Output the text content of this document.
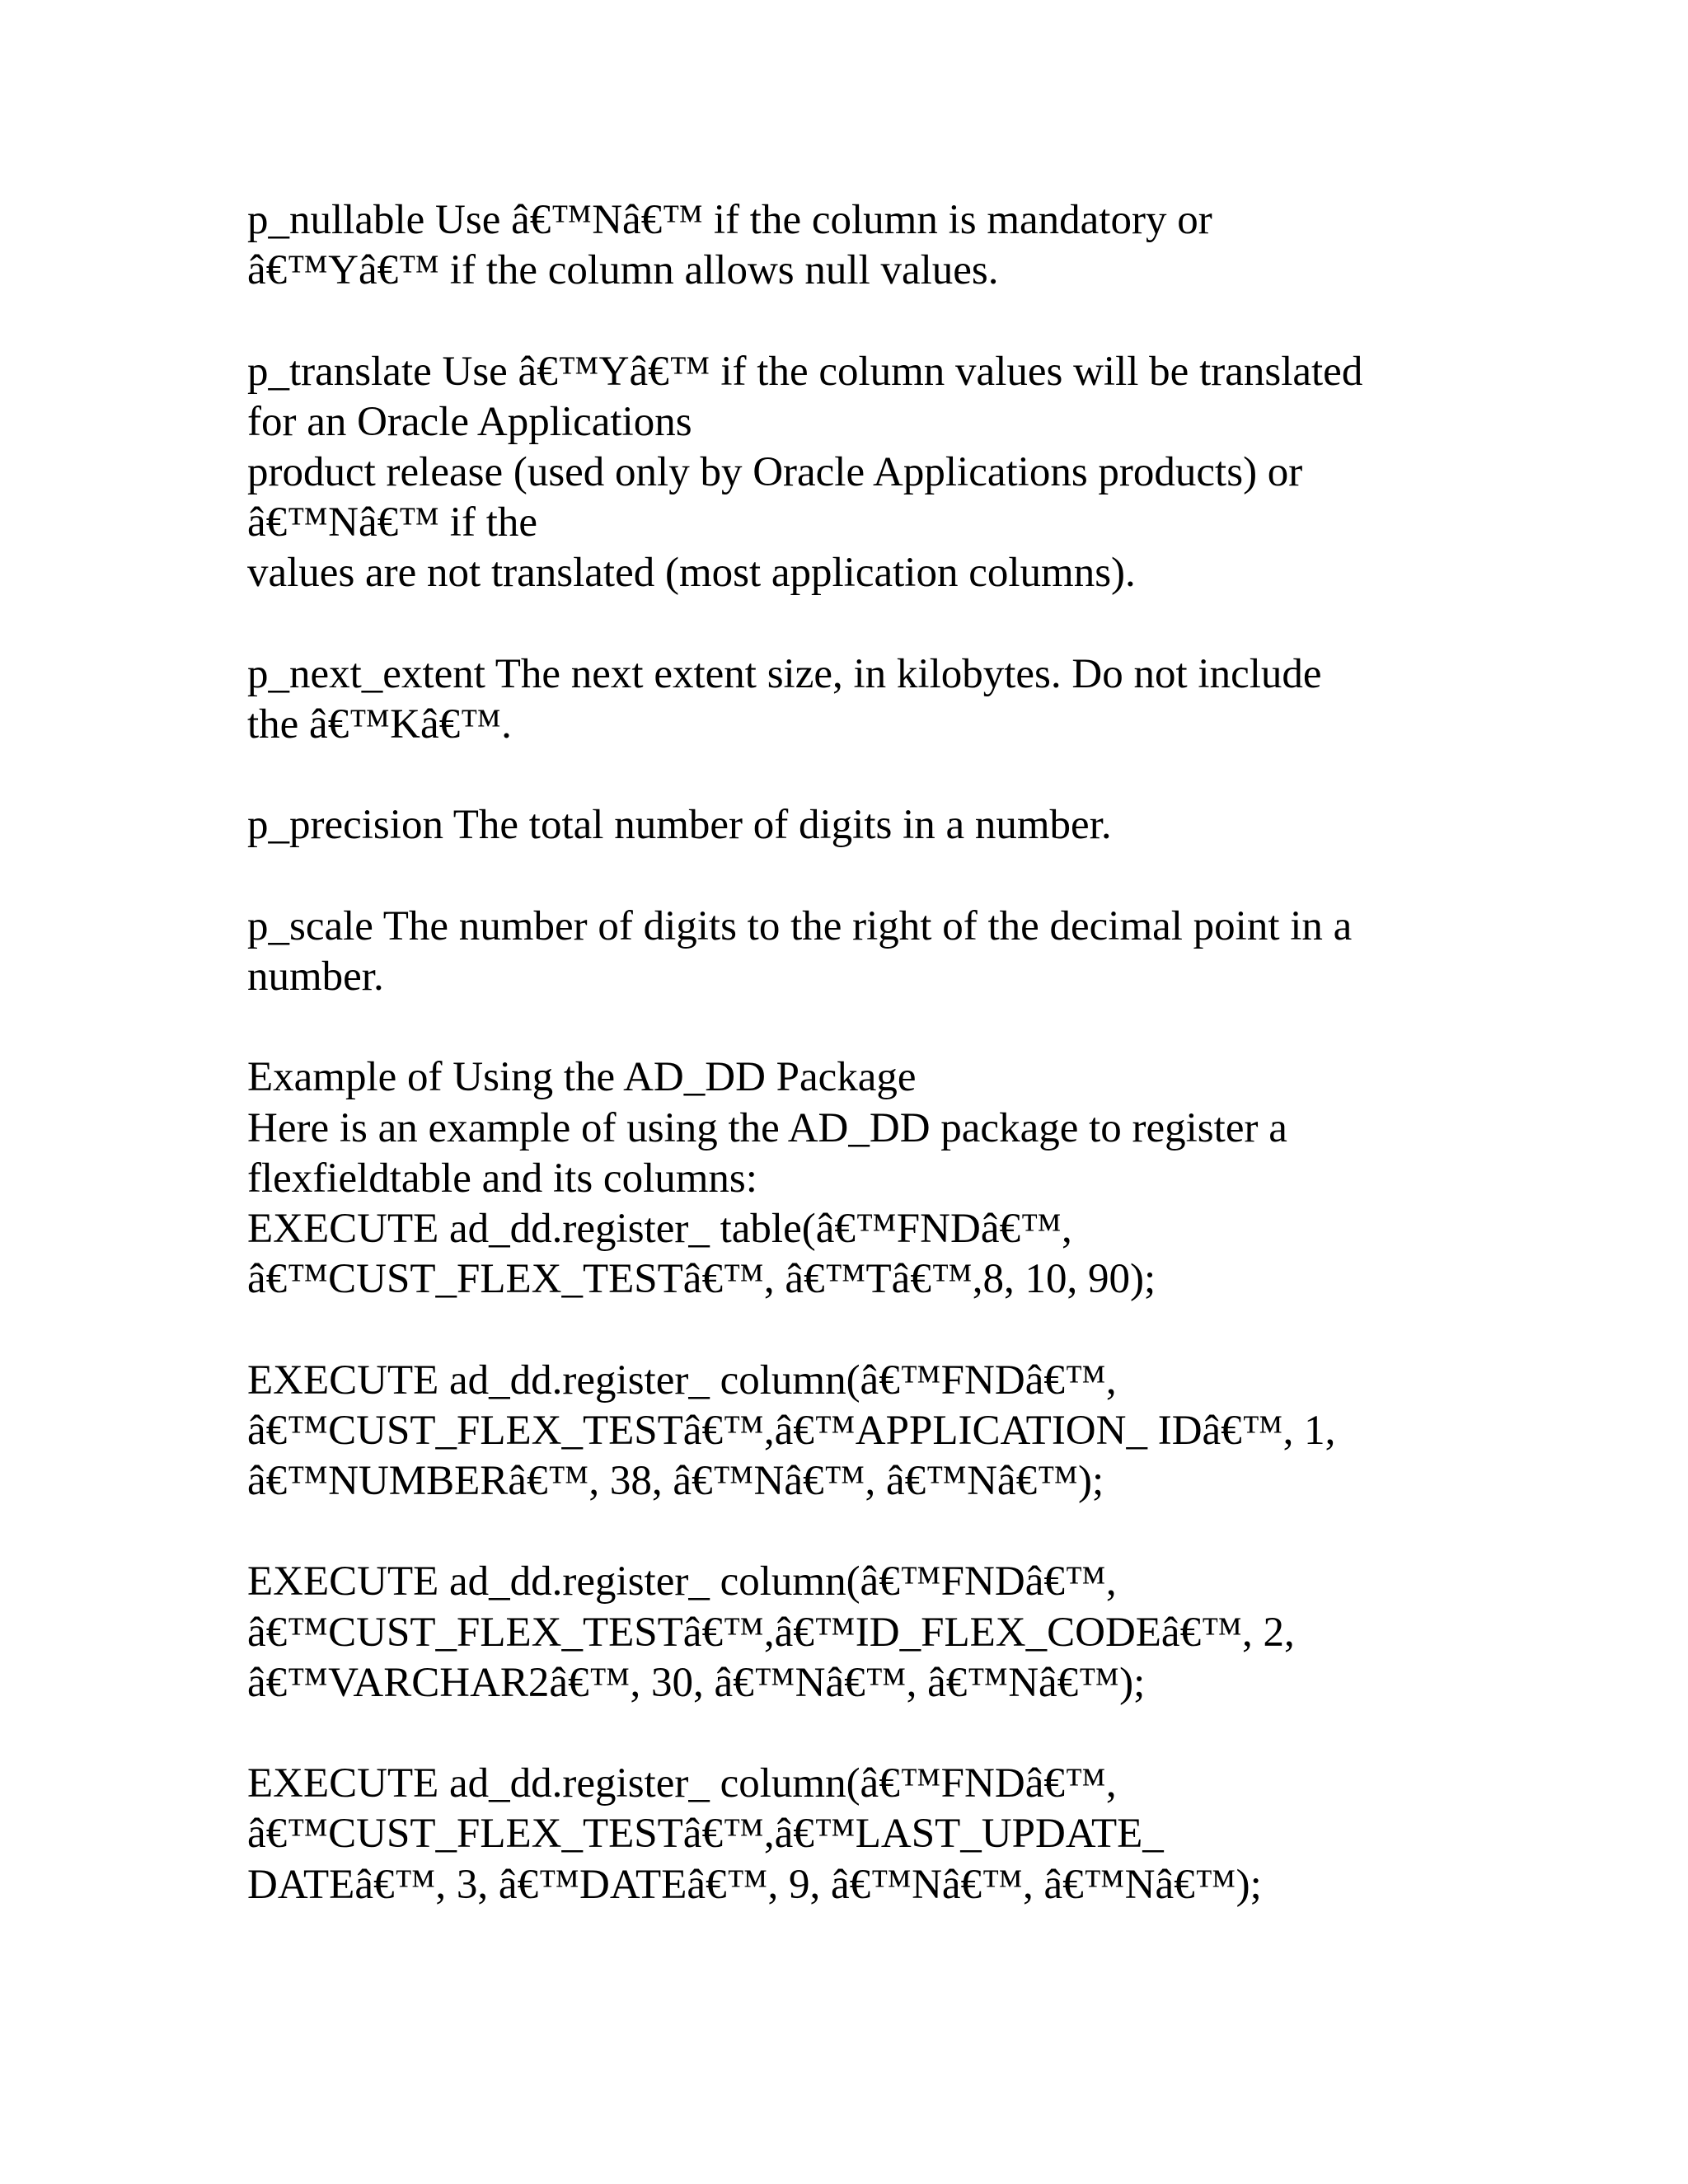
p_nullable Use â€™Nâ€™ if the column is mandatory or
â€™Yâ€™ if the column allows null values.
p_translate Use â€™Yâ€™ if the column values will be translated
for an Oracle Applications
product release (used only by Oracle Applications products) or
â€™Nâ€™ if the
values are not translated (most application columns).
p_next_extent The next extent size, in kilobytes. Do not include
the â€™Kâ€™.
p_precision The total number of digits in a number.
p_scale The number of digits to the right of the decimal point in a
number.
Example of Using the AD_DD Package
Here is an example of using the AD_DD package to register a
flexfieldtable and its columns:
EXECUTE ad_dd.register_ table(â€™FNDâ€™,
â€™CUST_FLEX_TESTâ€™, â€™Tâ€™,8, 10, 90);
EXECUTE ad_dd.register_ column(â€™FNDâ€™,
â€™CUST_FLEX_TESTâ€™,â€™APPLICATION_ IDâ€™, 1,
â€™NUMBERâ€™, 38, â€™Nâ€™, â€™Nâ€™);
EXECUTE ad_dd.register_ column(â€™FNDâ€™,
â€™CUST_FLEX_TESTâ€™,â€™ID_FLEX_CODEâ€™, 2,
â€™VARCHAR2â€™, 30, â€™Nâ€™, â€™Nâ€™);
EXECUTE ad_dd.register_ column(â€™FNDâ€™,
â€™CUST_FLEX_TESTâ€™,â€™LAST_UPDATE_
DATEâ€™, 3, â€™DATEâ€™, 9, â€™Nâ€™, â€™Nâ€™);
